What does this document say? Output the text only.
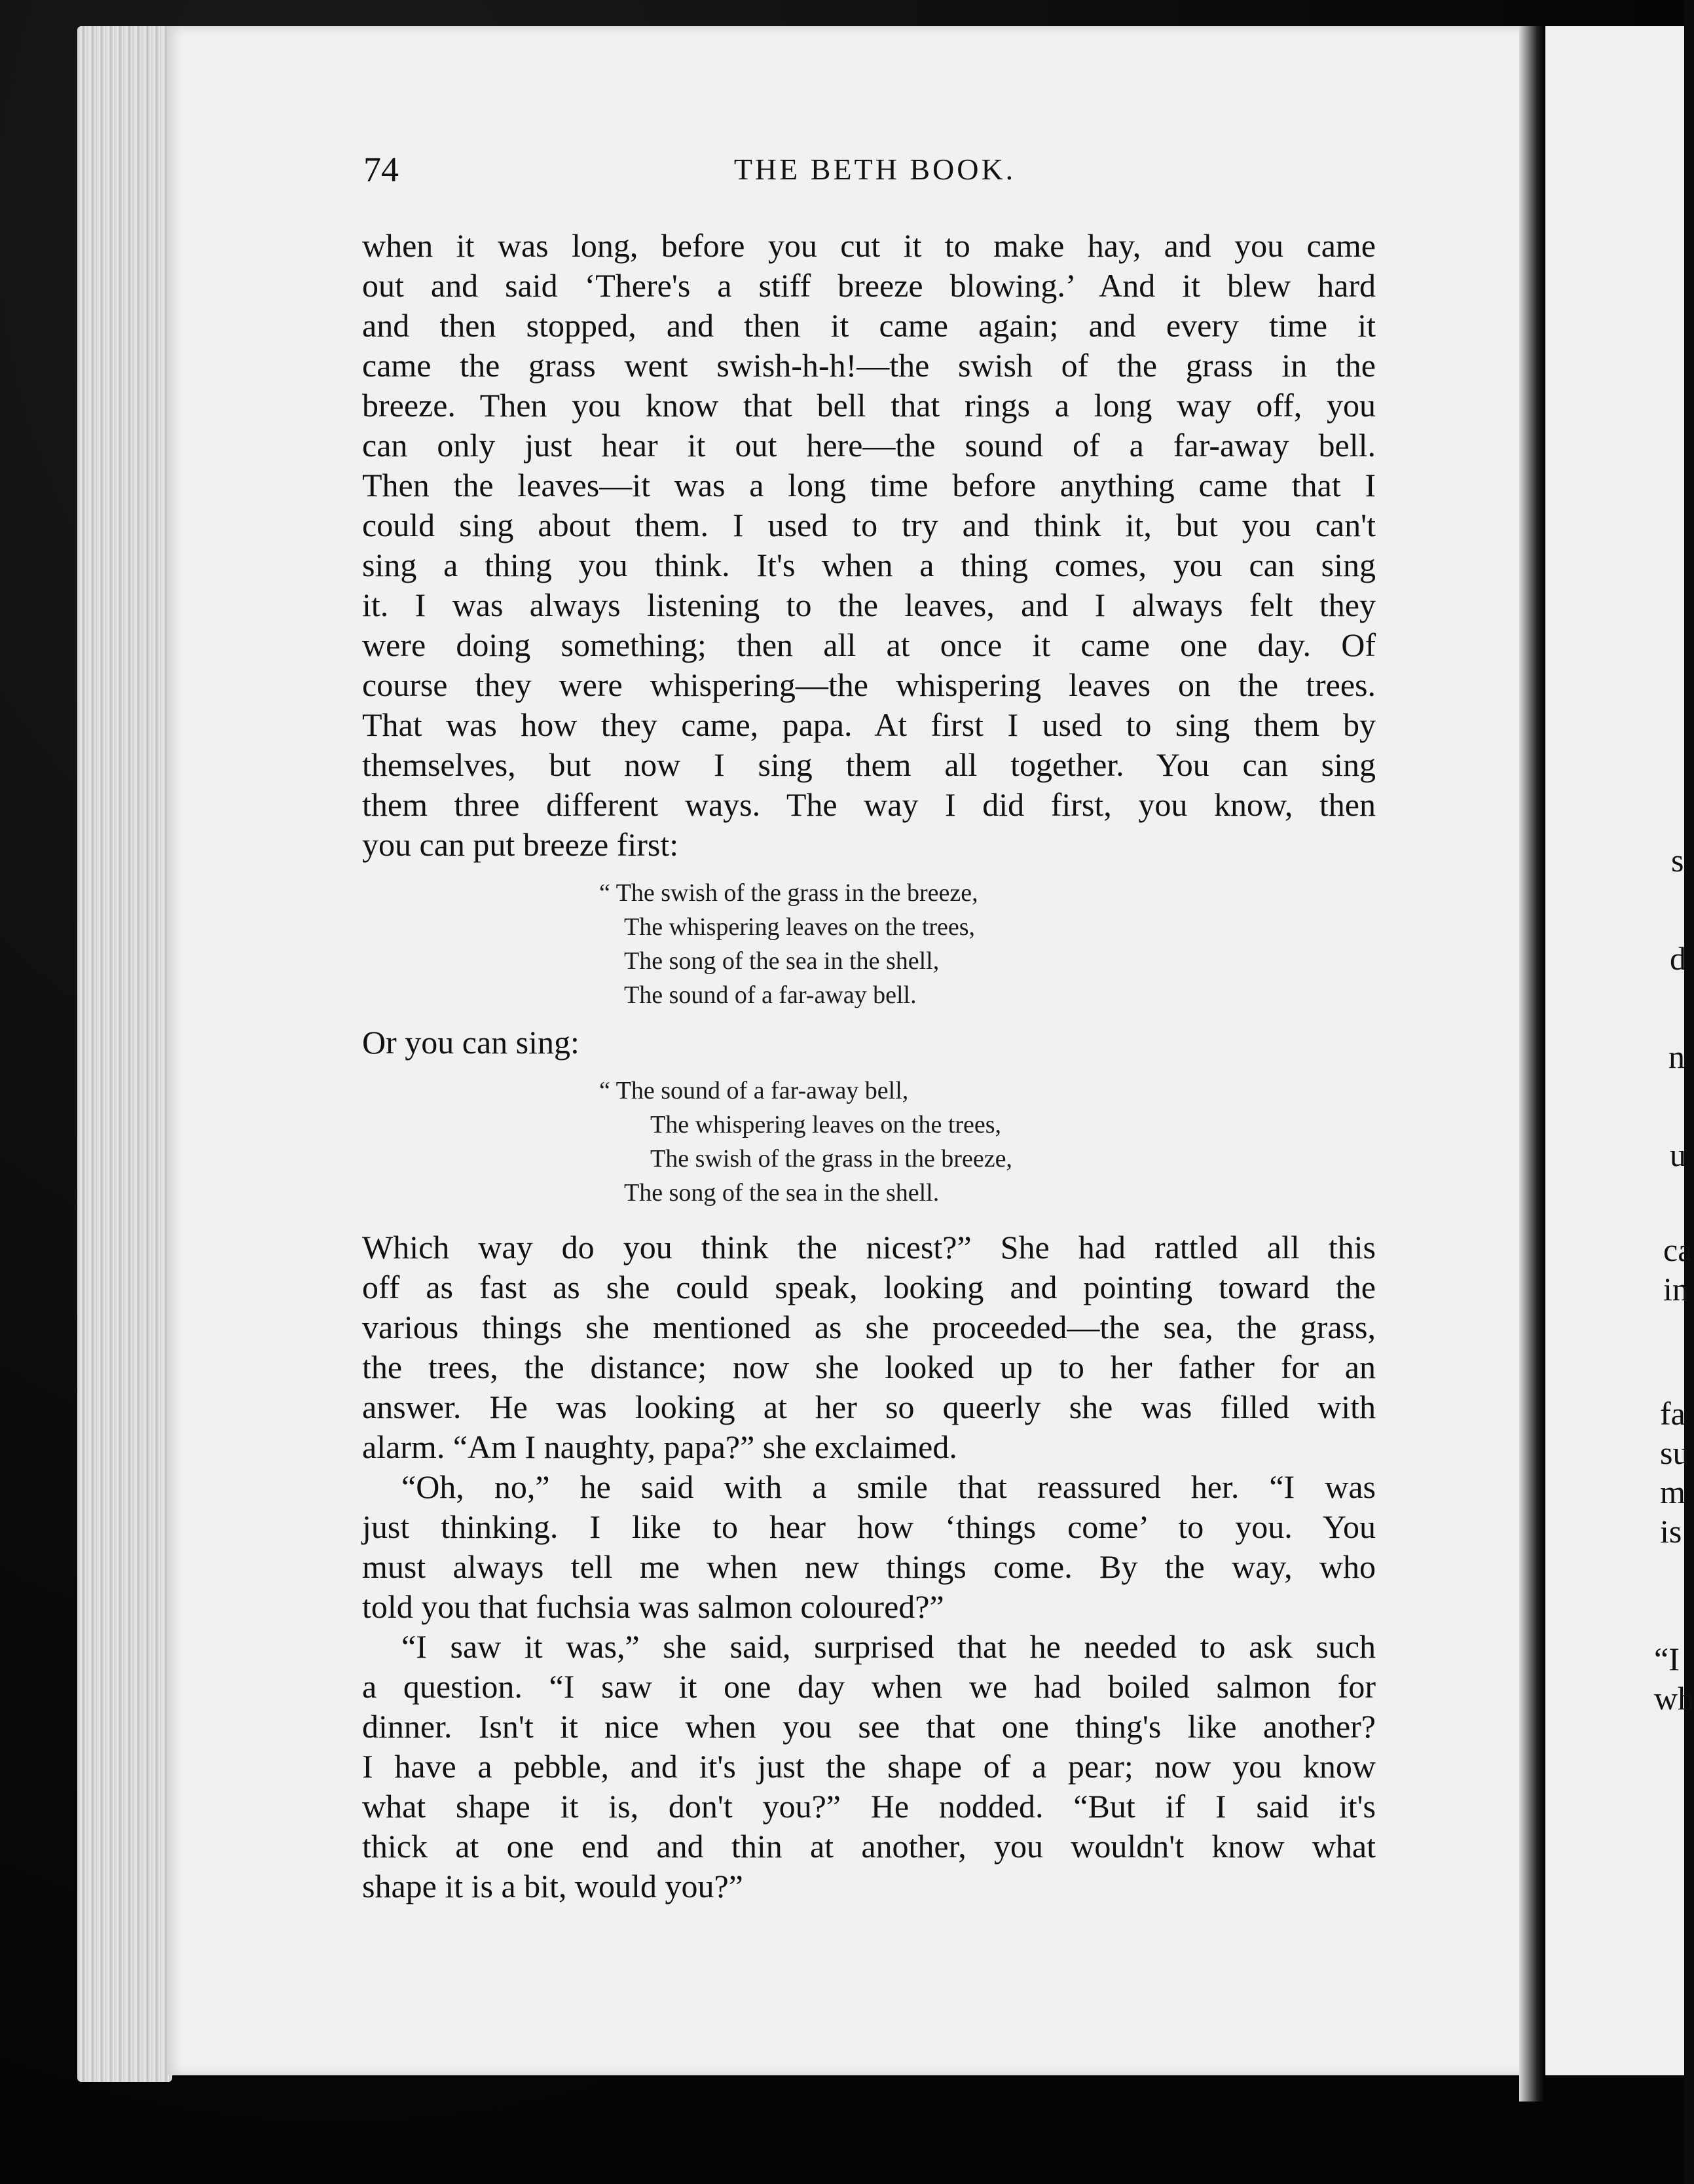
s
d
n
u
ca
in
fa
su
m
is
“I
wh
74	THE BETH BOOK.
when it was long, before you cut it to make hay, and you came
out and said ‘There's a stiff breeze blowing.’ And it blew hard
and then stopped, and then it came again; and every time it
came the grass went swish-h-h!—the swish of the grass in the
breeze. Then you know that bell that rings a long way off, you
can only just hear it out here—the sound of a far-away bell.
Then the leaves—it was a long time before anything came that I
could sing about them. I used to try and think it, but you can't
sing a thing you think. It's when a thing comes, you can sing
it. I was always listening to the leaves, and I always felt they
were doing something; then all at once it came one day. Of
course they were whispering—the whispering leaves on the trees.
That was how they came, papa. At first I used to sing them by
themselves, but now I sing them all together. You can sing
them three different ways. The way I did first, you know, then
you can put breeze first:
“ The swish of the grass in the breeze,
The whispering leaves on the trees,
The song of the sea in the shell,
The sound of a far-away bell.
Or you can sing:
“ The sound of a far-away bell,
The whispering leaves on the trees,
The swish of the grass in the breeze,
The song of the sea in the shell.
Which way do you think the nicest?” She had rattled all this
off as fast as she could speak, looking and pointing toward the
various things she mentioned as she proceeded—the sea, the grass,
the trees, the distance; now she looked up to her father for an
answer. He was looking at her so queerly she was filled with
alarm. “Am I naughty, papa?” she exclaimed.
“Oh, no,” he said with a smile that reassured her. “I was
just thinking. I like to hear how ‘things come’ to you. You
must always tell me when new things come. By the way, who
told you that fuchsia was salmon coloured?”
“I saw it was,” she said, surprised that he needed to ask such
a question. “I saw it one day when we had boiled salmon for
dinner. Isn't it nice when you see that one thing's like another?
I have a pebble, and it's just the shape of a pear; now you know
what shape it is, don't you?” He nodded. “But if I said it's
thick at one end and thin at another, you wouldn't know what
shape it is a bit, would you?”
